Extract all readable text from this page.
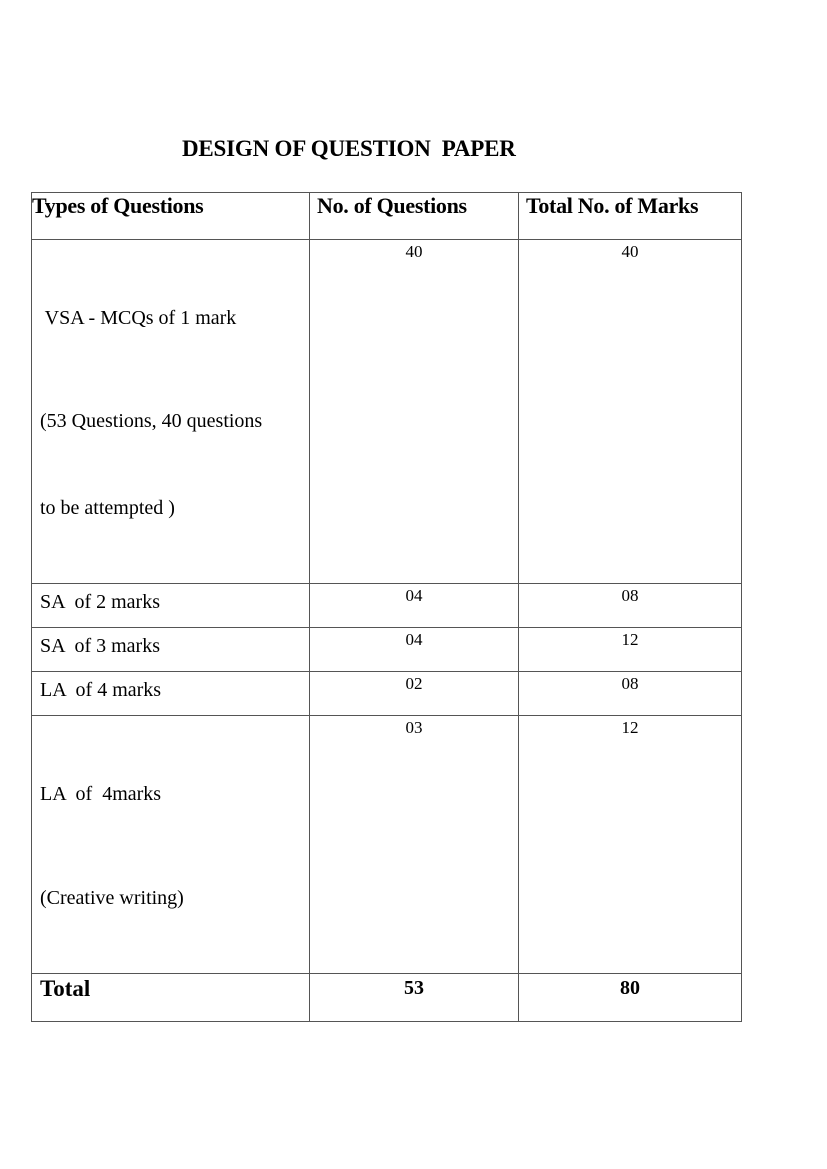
DESIGN OF QUESTION  PAPER
Types of Questions	No. of Questions	Total No. of Marks

VSA - MCQs of 1 mark

(53 Questions, 40 questions

to be attempted )	40	40

SA  of 2 marks	04	08

SA  of 3 marks	04	12

LA  of 4 marks	02	08

LA  of  4marks

(Creative writing)	03	12

Total	53	80
